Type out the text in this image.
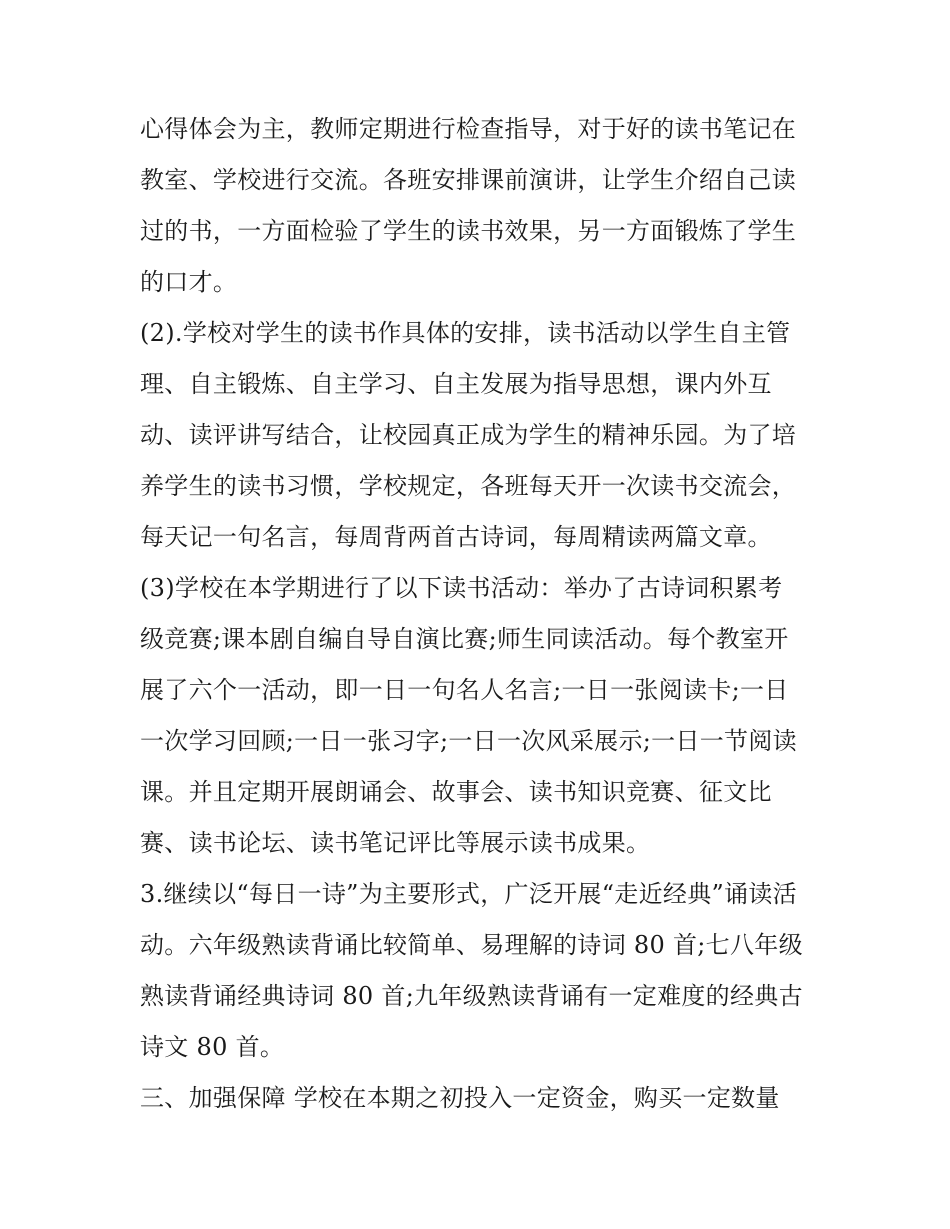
心得体会为主，教师定期进行检查指导，对于好的读书笔记在
教室、学校进行交流。各班安排课前演讲，让学生介绍自己读
过的书，一方面检验了学生的读书效果，另一方面锻炼了学生
的口才。
(2).学校对学生的读书作具体的安排，读书活动以学生自主管
理、自主锻炼、自主学习、自主发展为指导思想，课内外互
动、读评讲写结合，让校园真正成为学生的精神乐园。为了培
养学生的读书习惯，学校规定，各班每天开一次读书交流会，
每天记一句名言，每周背两首古诗词，每周精读两篇文章。
(3)学校在本学期进行了以下读书活动：举办了古诗词积累考
级竞赛;课本剧自编自导自演比赛;师生同读活动。每个教室开
展了六个一活动，即一日一句名人名言;一日一张阅读卡;一日
一次学习回顾;一日一张习字;一日一次风采展示;一日一节阅读
课。并且定期开展朗诵会、故事会、读书知识竞赛、征文比
赛、读书论坛、读书笔记评比等展示读书成果。
3.继续以“每日一诗”为主要形式，广泛开展“走近经典”诵读活
动。六年级熟读背诵比较简单、易理解的诗词 80 首;七八年级
熟读背诵经典诗词 80 首;九年级熟读背诵有一定难度的经典古
诗文 80 首。
三、加强保障 学校在本期之初投入一定资金，购买一定数量
